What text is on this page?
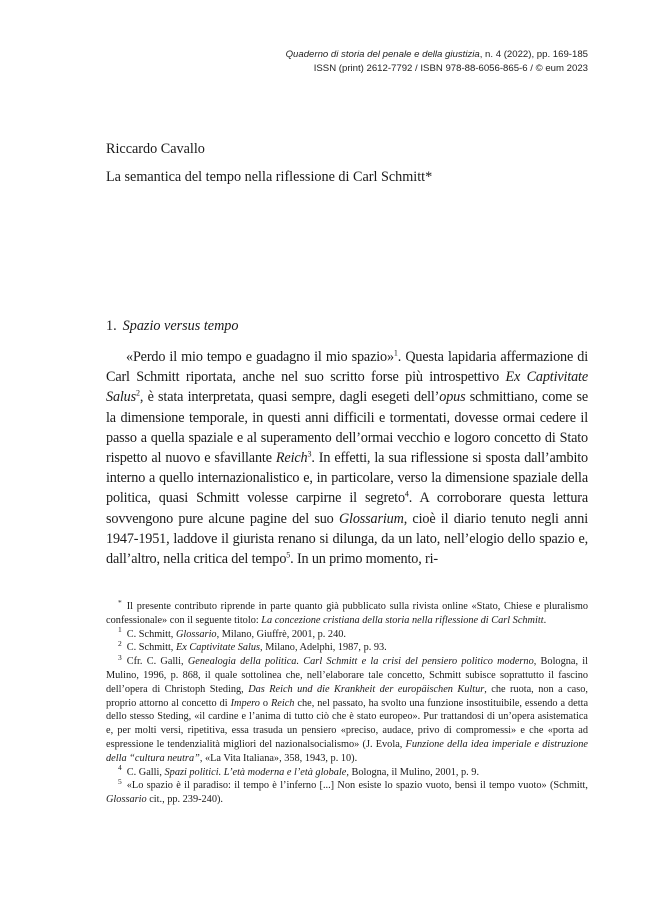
Quaderno di storia del penale e della giustizia, n. 4 (2022), pp. 169-185
ISSN (print) 2612-7792 / ISBN 978-88-6056-865-6 / © eum 2023
Riccardo Cavallo
La semantica del tempo nella riflessione di Carl Schmitt*
1. Spazio versus tempo

«Perdo il mio tempo e guadagno il mio spazio»$^1$. Questa lapidaria affermazione di Carl Schmitt riportata, anche nel suo scritto forse più introspettivo Ex Captivitate Salus$^2$, è stata interpretata, quasi sempre, dagli esegeti dell’opus schmittiano, come se la dimensione temporale, in questi anni difficili e tormentati, dovesse ormai cedere il passo a quella spaziale e al superamento dell’ormai vecchio e logoro concetto di Stato rispetto al nuovo e sfavillante Reich$^3$. In effetti, la sua riflessione si sposta dall’ambito interno a quello internazionalistico e, in particolare, verso la dimensione spaziale della politica, quasi Schmitt volesse carpirne il segreto$^4$. A corroborare questa lettura sovvengono pure alcune pagine del suo Glossarium, cioè il diario tenuto negli anni 1947-1951, laddove il giurista renano si dilunga, da un lato, nell’elogio dello spazio e, dall’altro, nella critica del tempo$^5$. In un primo momento, ri-

* Il presente contributo riprende in parte quanto già pubblicato sulla rivista online «Stato, Chiese e pluralismo confessionale» con il seguente titolo: La concezione cristiana della storia nella riflessione di Carl Schmitt.

$^1$ C. Schmitt, Glossario, Milano, Giuffrè, 2001, p. 240.

$^2$ C. Schmitt, Ex Captivitate Salus, Milano, Adelphi, 1987, p. 93.

$^3$ Cfr. C. Galli, Genealogia della politica. Carl Schmitt e la crisi del pensiero politico moderno, Bologna, il Mulino, 1996, p. 868, il quale sottolinea che, nell’elaborare tale concetto, Schmitt subisce soprattutto il fascino dell’opera di Christoph Steding, Das Reich und die Krankheit der europäischen Kultur, che ruota, non a caso, proprio attorno al concetto di Impero o Reich che, nel passato, ha svolto una funzione insostituibile, essendo a detta dello stesso Steding, «il cardine e l’anima di tutto ciò che è stato europeo». Pur trattandosi di un’opera asistematica e, per molti versi, ripetitiva, essa trasuda un pensiero «preciso, audace, privo di compromessi» e che «porta ad espressione le tendenzialità migliori del nazionalsocialismo» (J. Evola, Funzione della idea imperiale e distruzione della “cultura neutra”, «La Vita Italiana», 358, 1943, p. 10).

$^4$ C. Galli, Spazi politici. L’età moderna e l’età globale, Bologna, il Mulino, 2001, p. 9.

$^5$ «Lo spazio è il paradiso: il tempo è l’inferno [...] Non esiste lo spazio vuoto, bensì il tempo vuoto» (Schmitt, Glossario cit., pp. 239-240).
